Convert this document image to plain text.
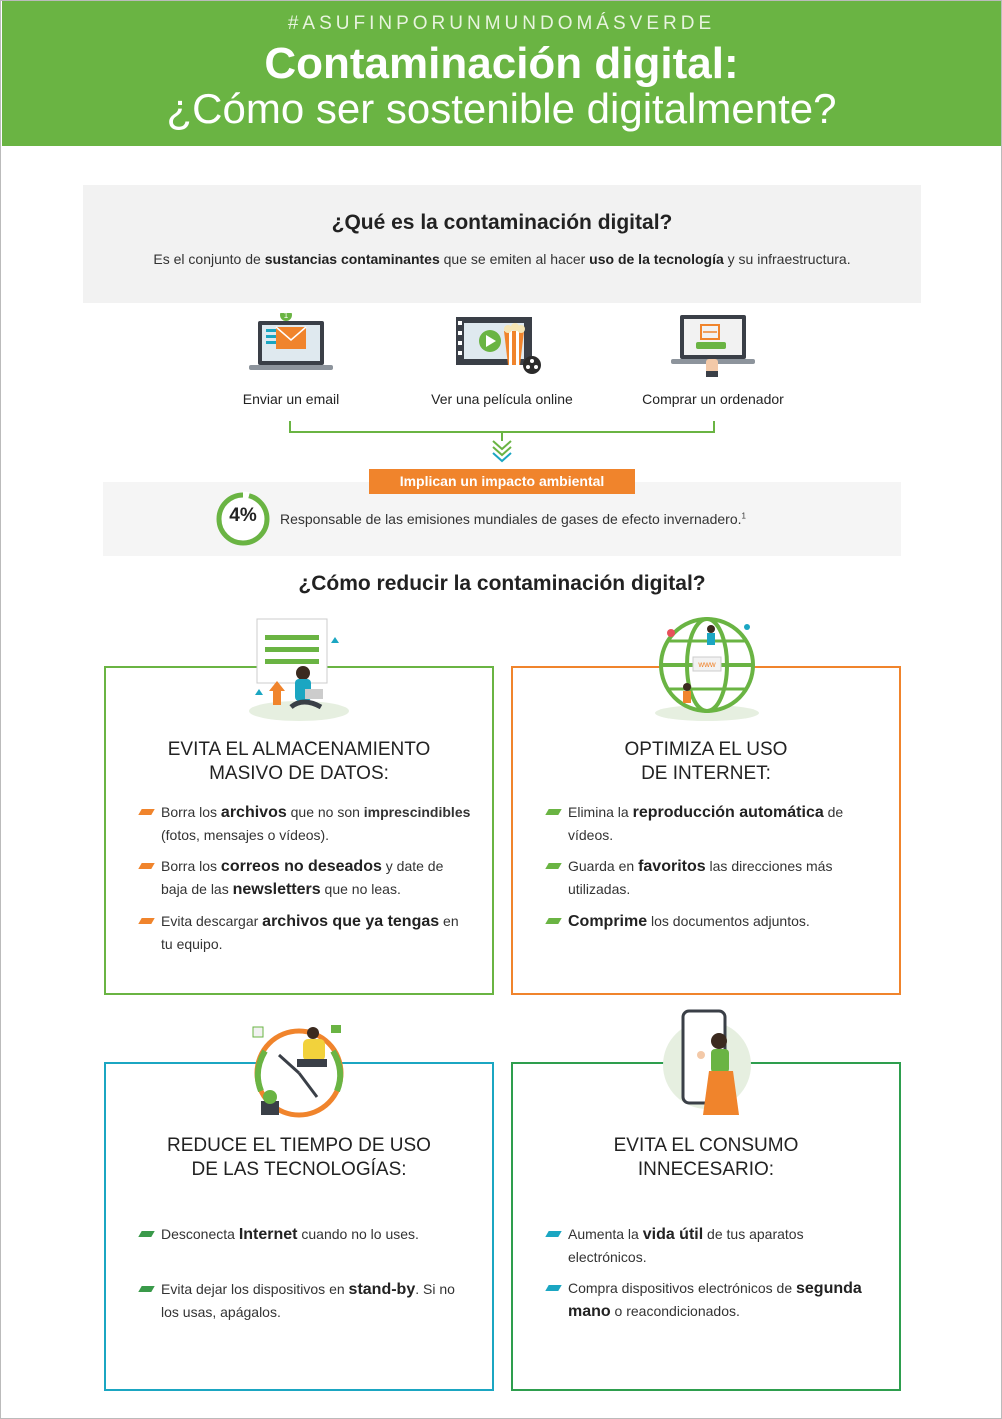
#ASUFINPORUNMUNDOMÁSVERDE
Contaminación digital:
¿Cómo ser sostenible digitalmente?
¿Qué es la contaminación digital?
Es el conjunto de sustancias contaminantes que se emiten al hacer uso de la tecnología y su infraestructura.
1
Enviar un email	Ver una película online	Comprar un ordenador
Implican un impacto ambiental
4%	Responsable de las emisiones mundiales de gases de efecto invernadero.$^1$
¿Cómo reducir la contaminación digital?
EVITA EL ALMACENAMIENTO
MASIVO DE DATOS:
Borra los archivos que no son imprescindibles (fotos, mensajes o vídeos).
Borra los correos no deseados y date de baja de las newsletters que no leas.
Evita descargar archivos que ya tengas en tu equipo.
OPTIMIZA EL USO
DE INTERNET:
Elimina la reproducción automática de vídeos.
Guarda en favoritos las direcciones más utilizadas.
Comprime los documentos adjuntos.
www
REDUCE EL TIEMPO DE USO
DE LAS TECNOLOGÍAS:
Desconecta Internet cuando no lo uses.
Evita dejar los dispositivos en stand-by. Si no los usas, apágalos.
EVITA EL CONSUMO
INNECESARIO:
Aumenta la vida útil de tus aparatos electrónicos.
Compra dispositivos electrónicos de segunda mano o reacondicionados.
